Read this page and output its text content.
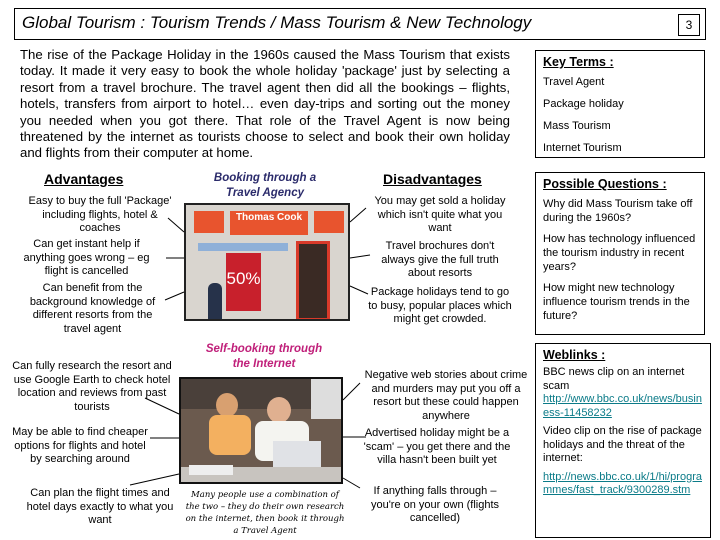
Global Tourism : Tourism Trends / Mass Tourism & New Technology	3
The rise of the Package Holiday in the 1960s caused the Mass Tourism that exists today. It made it very easy to book the whole holiday 'package' just by selecting a resort from a travel brochure. The travel agent then did all the bookings – flights, hotels, transfers from airport to hotel… even day-trips and sorting out the money you needed when you got there. That role of the Travel Agent is now being threatened by the internet as tourists choose to select and book their own holiday and flights from their computer at home.
Key Terms :

Travel Agent

Package holiday

Mass Tourism

Internet Tourism

Possible Questions :

Why did Mass Tourism take off during the 1960s?

How has technology influenced the tourism industry in recent years?

How might new technology influence tourism trends in the future?

Weblinks :

BBC news clip on an internet scam
http://www.bbc.co.uk/news/business-11458232

Video clip on the rise of package holidays and the threat of the internet:

http://news.bbc.co.uk/1/hi/programmes/fast_track/9300289.stm

Advantages	Disadvantages
Booking through a Travel Agency
Thomas Cook
50%
Easy to buy the full 'Package' including flights, hotel & coaches
Can get instant help if anything goes wrong – eg flight is cancelled
Can benefit from the background knowledge of different resorts from the travel agent
You may get sold a holiday which isn't quite what you want
Travel brochures don't always give the full truth about resorts
Package holidays tend to go to busy, popular places which might get crowded.
Self-booking through the Internet
Many people use a combination of the two – they do their own research on the internet, then book it through a Travel Agent
Can fully research the resort and use Google Earth to check hotel location and reviews from past tourists
May be able to find cheaper options for flights and hotel by searching around
Can plan the flight times and hotel days exactly to what you want
Negative web stories about crime and murders may put you off a resort but these could happen anywhere
Advertised holiday might be a 'scam' – you get there and the villa hasn't been built yet
If anything falls through – you're on your own (flights cancelled)
